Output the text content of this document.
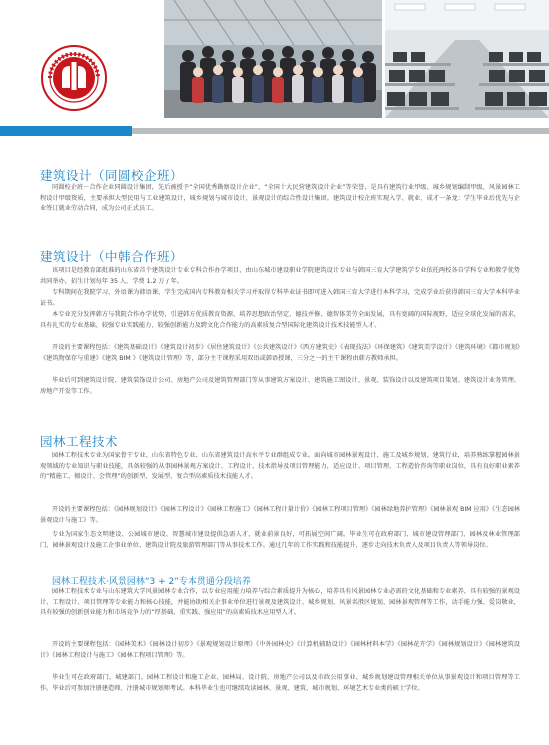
建筑设计（同圆校企班）

同圆校企班－合作企业同圆设计集团，先后被授予“全国优秀勘察设计企业”、“全国十大民营建筑设计企业”等荣誉，是具有建筑行业甲级、城乡规划编制甲级、风景园林工程设计甲级资质，主要承担大型民用与工业建筑设计，城乡规划与城市设计，景观设计的综合性设计集团。建筑设计校企班实现入学、就业、成才一条龙：学生毕业后优先与企业签订就业劳动合同，成为公司正式员工。

建筑设计（中韩合作班）

该项目是经教育部批准的山东省首个建筑设计专业专科合作办学项目，由山东城市建设职业学院建筑设计专业与韩国三育大学建筑学专业依托两校各自学科专业和教学优势共同举办，招生计划每年 35 人，学费 1.2 万 / 年。

专科期间在我院学习，外语课为韩语课，学生完成国内专科教育相关学习并取得专科毕业证书即可进入韩国三育大学进行本科学习，完成学业后获得韩国三育大学本科毕业证书。

本专业充分发挥韩方与我院合作办学优势，引进韩方优质教育资源，培养思想政治坚定、德技并修、德智体美劳全面发展，具有宽阔的国际视野，适应全球化发展的需求，具有扎实的专业基础、较强专业实践能力、较强创新能力及跨文化合作能力的高素质复合型国际化建筑设计技术技能型人才。

开设的主要课程包括：《建筑基础设计》《建筑设计初步》《居住建筑设计》《公共建筑设计》《西方建筑史》《表现技法》《环保建筑》《建筑美学设计》《建筑环境》《都市规划》《建筑物保存与重建》《建筑 BIM 》《建筑设计管理》等，部分主干课程采用双语或韩语授课，三分之一的主干课程由韩方教师承担。

毕业后可到建筑设计院、建筑装饰设计公司、房地产公司及建筑管理部门等从事建筑方案设计、建筑施工图设计、景观、装饰设计以及建筑项目策划、建筑设计业务管理、房地产开发等工作。

园林工程技术

园林工程技术专业为国家骨干专业、山东省特色专业、山东省建筑设计高水平专业群组成专业。面向城市园林景观设计、施工及城乡规划、建筑行业，培养熟练掌握园林景观领域的专业知识与职业技能，具备较强的从事园林景观方案设计、工程设计、技术指导及项目管理能力，适应设计、项目管理、工程造价咨询等职业岗位，具有良好职业素养的“精施工、擅设计、会管理”的创新型、发展型、复合型高素质技术技能人才。

开设的主要课程包括：《园林规划设计》《园林工程设计》《园林工程施工》《园林工程计量计价》《园林工程项目管理》《园林绿地养护管理》《园林景观 BIM 应用》《生态园林景观设计与施工》等。

专业为国家生态文明建设、公园城市建设、智慧城市建设提供急需人才，就业前景良好，可拓展空间广阔。毕业生可在政府部门、城市建设管理部门、园林及林业管理部门、园林景观设计及施工企事业单位、建筑设计院及旅游管理部门等从事技术工作。通过几年的工作实践和技能提升，逐步走向技术负责人及项目负责人等领导岗位。

园林工程技术·风景园林“3 + 2”专本贯通分段培养

园林工程技术专业与山东建筑大学风景园林专业合作，以专业应用能力培养与综合素质提升为核心，培养具有风景园林专业必需的文化基础和专业素养，具有较强的景观设计、工程设计、项目管理等专业能力和核心技能，并能协助相关企事业单位进行景观及建筑设计、城乡规划、风景名胜区规划、园林景观管理等工作，动手能力强、爱岗敬业，具有较强的创新创业能力和市场竞争力的“厚基础、重实践、强应用”的高素质技术应用型人才。

开设的主要课程包括：《园林美术》《园林设计初步》《景观规划设计原理》《中外园林史》《计算机辅助设计》《园林材料本学》《园林花卉学》《园林规划设计》《园林建筑设计》《园林工程设计与施工》《园林工程项目管理》等。

毕业生可在政府部门、城建部门、园林工程设计和施工企业、园林局、设计院、房地产公司以及市政公用事业、城乡规划建设管理相关单位从事景观设计和项目管理等工作。毕业后可参加注册建造师、注册城市规划师考试。本科毕业生也可继续攻读园林、景观、建筑、城市规划、环境艺术专业类的硕士学位。
